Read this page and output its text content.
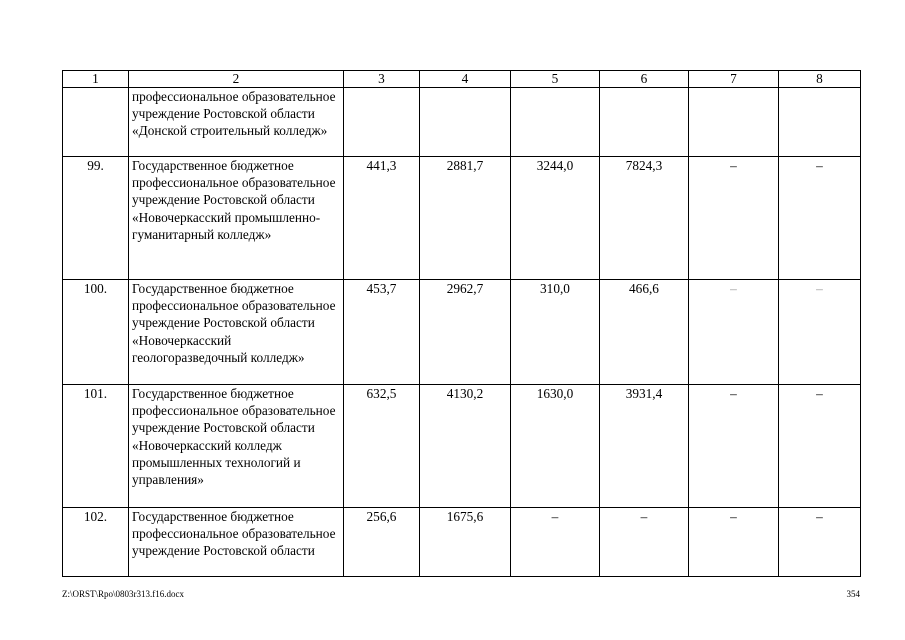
1	2	3	4	5	6	7	8
	профессиональное образовательное учреждение Ростовской области «Донской строительный колледж»						
99.	Государственное бюджетное профессиональное образовательное учреждение Ростовской области «Новочеркасский промышленно-гуманитарный колледж»	441,3	2881,7	3244,0	7824,3	–	–
100.	Государственное бюджетное профессиональное образовательное учреждение Ростовской области «Новочеркасский геологоразведочный колледж»	453,7	2962,7	310,0	466,6	–	–
101.	Государственное бюджетное профессиональное образовательное учреждение Ростовской области «Новочеркасский колледж промышленных технологий и управления»	632,5	4130,2	1630,0	3931,4	–	–
102.	Государственное бюджетное профессиональное образовательное учреждение Ростовской области	256,6	1675,6	–	–	–	–
Z:\ORST\Rpo\0803r313.f16.docx	354
